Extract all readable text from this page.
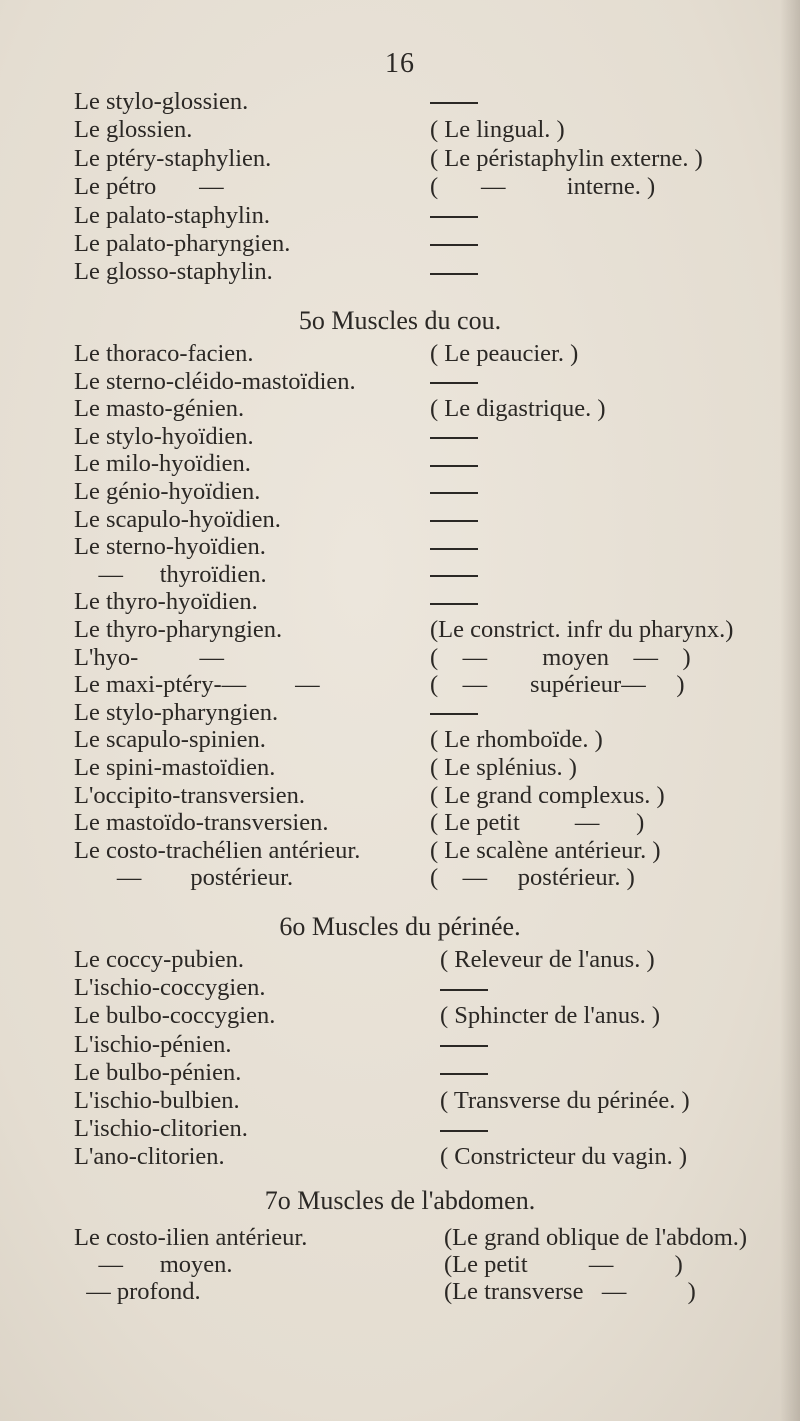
16
Le stylo-glossien.
Le glossien.
Le ptéry-staphylien.
Le pétro       —
Le palato-staphylin.
Le palato-pharyngien.
Le glosso-staphylin.
( Le lingual. )
( Le péristaphylin externe. )
(       —          interne. )
5o Muscles du cou.
Le thoraco-facien.
Le sterno-cléido-mastoïdien.
Le masto-génien.
Le stylo-hyoïdien.
Le milo-hyoïdien.
Le génio-hyoïdien.
Le scapulo-hyoïdien.
Le sterno-hyoïdien.
—      thyroïdien.
Le thyro-hyoïdien.
Le thyro-pharyngien.
L'hyo-          —
Le maxi-ptéry-—        —
Le stylo-pharyngien.
Le scapulo-spinien.
Le spini-mastoïdien.
L'occipito-transversien.
Le mastoïdo-transversien.
Le costo-trachélien antérieur.
—        postérieur.
( Le peaucier. )
( Le digastrique. )
(Le constrict. infr du pharynx.)
(    —         moyen    —    )
(    —       supérieur—     )
( Le rhomboïde. )
( Le splénius. )
( Le grand complexus. )
( Le petit         —      )
( Le scalène antérieur. )
(    —     postérieur. )
6o Muscles du périnée.
Le coccy-pubien.
L'ischio-coccygien.
Le bulbo-coccygien.
L'ischio-pénien.
Le bulbo-pénien.
L'ischio-bulbien.
L'ischio-clitorien.
L'ano-clitorien.
( Releveur de l'anus. )
( Sphincter de l'anus. )
( Transverse du périnée. )
( Constricteur du vagin. )
7o Muscles de l'abdomen.
Le costo-ilien antérieur.
—      moyen.
— profond.
(Le grand oblique de l'abdom.)
(Le petit          —          )
(Le transverse   —          )
